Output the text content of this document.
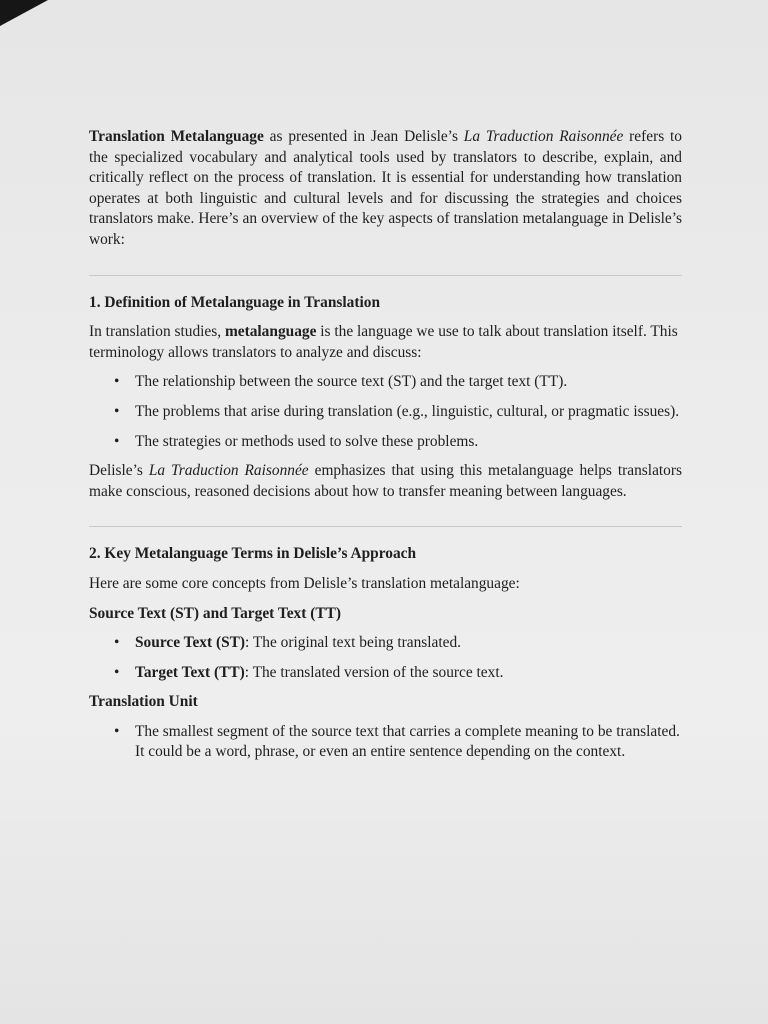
Translation Metalanguage as presented in Jean Delisle’s La Traduction Raisonnée refers to the specialized vocabulary and analytical tools used by translators to describe, explain, and critically reflect on the process of translation. It is essential for understanding how translation operates at both linguistic and cultural levels and for discussing the strategies and choices translators make. Here’s an overview of the key aspects of translation metalanguage in Delisle’s work:

1. Definition of Metalanguage in Translation

In translation studies, metalanguage is the language we use to talk about translation itself. This terminology allows translators to analyze and discuss:

• The relationship between the source text (ST) and the target text (TT).
• The problems that arise during translation (e.g., linguistic, cultural, or pragmatic issues).
• The strategies or methods used to solve these problems.

Delisle’s La Traduction Raisonnée emphasizes that using this metalanguage helps translators make conscious, reasoned decisions about how to transfer meaning between languages.

2. Key Metalanguage Terms in Delisle’s Approach

Here are some core concepts from Delisle’s translation metalanguage:

Source Text (ST) and Target Text (TT)

• Source Text (ST): The original text being translated.
• Target Text (TT): The translated version of the source text.

Translation Unit

• The smallest segment of the source text that carries a complete meaning to be translated. It could be a word, phrase, or even an entire sentence depending on the context.
